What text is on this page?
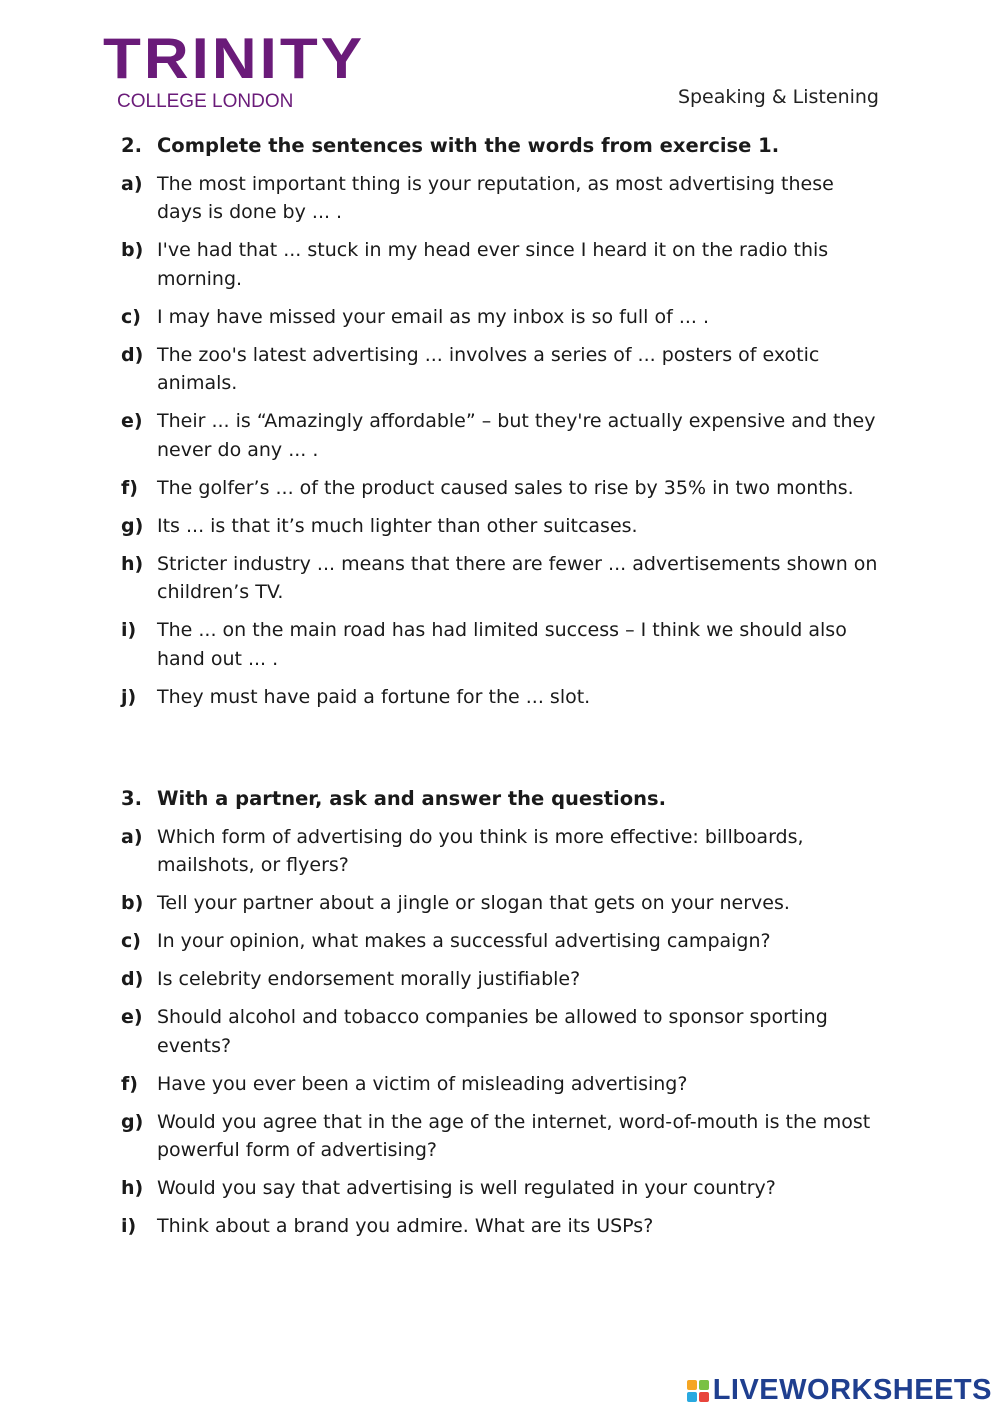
TRINITY
COLLEGE LONDON	Speaking & Listening
2. Complete the sentences with the words from exercise 1.
a) The most important thing is your reputation, as most advertising these days is done by ... .
b) I've had that ... stuck in my head ever since I heard it on the radio this morning.
c) I may have missed your email as my inbox is so full of ... .
d) The zoo's latest advertising ... involves a series of ... posters of exotic animals.
e) Their ... is “Amazingly affordable” – but they're actually expensive and they never do any ... .
f)	The golfer’s ... of the product caused sales to rise by 35% in two months.
g) Its ... is that it’s much lighter than other suitcases.
h) Stricter industry ... means that there are fewer ... advertisements shown on children’s TV.
i)	The ... on the main road has had limited success – I think we should also hand out ... .
j)	They must have paid a fortune for the ... slot.
3. With a partner, ask and answer the questions.
a) Which form of advertising do you think is more effective: billboards, mailshots, or flyers?
b) Tell your partner about a jingle or slogan that gets on your nerves.
c) In your opinion, what makes a successful advertising campaign?
d) Is celebrity endorsement morally justifiable?
e) Should alcohol and tobacco companies be allowed to sponsor sporting events?
f)	Have you ever been a victim of misleading advertising?
g) Would you agree that in the age of the internet, word-of-mouth is the most powerful form of advertising?
h) Would you say that advertising is well regulated in your country?
i)	Think about a brand you admire. What are its USPs?
LIVEWORKSHEETS
